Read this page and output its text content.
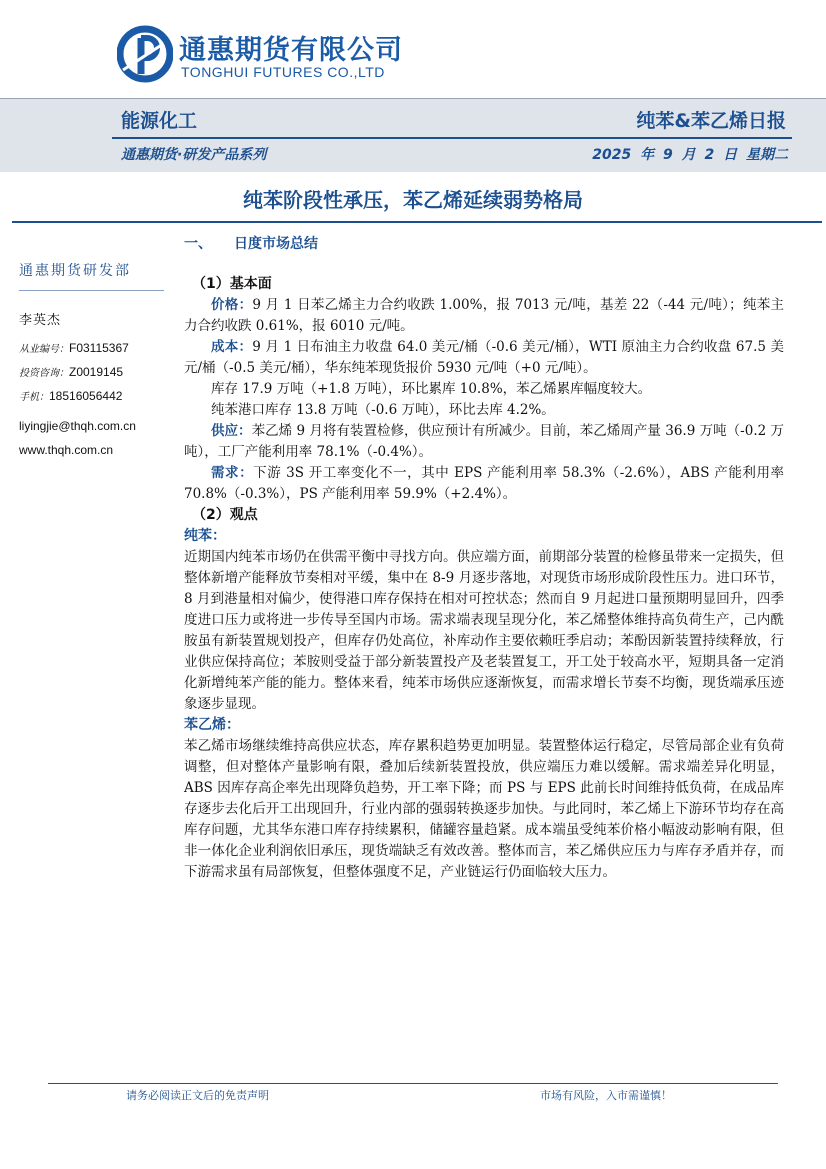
通惠期货有限公司
TONGHUI FUTURES CO.,LTD
能源化工	纯苯&苯乙烯日报
通惠期货·研发产品系列	2025 年 9 月 2 日 星期二
纯苯阶段性承压，苯乙烯延续弱势格局
通惠期货研发部
李英杰
从业编号：F03115367
投资咨询：Z0019145
手机：18516056442
liyingjie@thqh.com.cn
www.thqh.com.cn
一、 日度市场总结
（1）基本面

价格：9 月 1 日苯乙烯主力合约收跌 1.00%，报 7013 元/吨，基差 22（-44 元/吨）；纯苯主力合约收跌 0.61%，报 6010 元/吨。

成本：9 月 1 日布油主力收盘 64.0 美元/桶（-0.6 美元/桶），WTI 原油主力合约收盘 67.5 美元/桶（-0.5 美元/桶），华东纯苯现货报价 5930 元/吨（+0 元/吨）。

库存 17.9 万吨（+1.8 万吨），环比累库 10.8%，苯乙烯累库幅度较大。

纯苯港口库存 13.8 万吨（-0.6 万吨），环比去库 4.2%。

供应：苯乙烯 9 月将有装置检修，供应预计有所减少。目前，苯乙烯周产量 36.9 万吨（-0.2 万吨），工厂产能利用率 78.1%（-0.4%）。

需求：下游 3S 开工率变化不一，其中 EPS 产能利用率 58.3%（-2.6%），ABS 产能利用率 70.8%（-0.3%），PS 产能利用率 59.9%（+2.4%）。

（2）观点
纯苯：

近期国内纯苯市场仍在供需平衡中寻找方向。供应端方面，前期部分装置的检修虽带来一定损失，但整体新增产能释放节奏相对平缓，集中在 8-9 月逐步落地，对现货市场形成阶段性压力。进口环节，8 月到港量相对偏少，使得港口库存保持在相对可控状态；然而自 9 月起进口量预期明显回升，四季度进口压力或将进一步传导至国内市场。需求端表现呈现分化，苯乙烯整体维持高负荷生产，己内酰胺虽有新装置规划投产，但库存仍处高位，补库动作主要依赖旺季启动；苯酚因新装置持续释放，行业供应保持高位；苯胺则受益于部分新装置投产及老装置复工，开工处于较高水平，短期具备一定消化新增纯苯产能的能力。整体来看，纯苯市场供应逐渐恢复，而需求增长节奏不均衡，现货端承压迹象逐步显现。

苯乙烯：

苯乙烯市场继续维持高供应状态，库存累积趋势更加明显。装置整体运行稳定，尽管局部企业有负荷调整，但对整体产量影响有限，叠加后续新装置投放，供应端压力难以缓解。需求端差异化明显，ABS 因库存高企率先出现降负趋势，开工率下降；而 PS 与 EPS 此前长时间维持低负荷，在成品库存逐步去化后开工出现回升，行业内部的强弱转换逐步加快。与此同时，苯乙烯上下游环节均存在高库存问题，尤其华东港口库存持续累积，储罐容量趋紧。成本端虽受纯苯价格小幅波动影响有限，但非一体化企业利润依旧承压，现货端缺乏有效改善。整体而言，苯乙烯供应压力与库存矛盾并存，而下游需求虽有局部恢复，但整体强度不足，产业链运行仍面临较大压力。

请务必阅读正文后的免责声明	市场有风险，入市需谨慎！
